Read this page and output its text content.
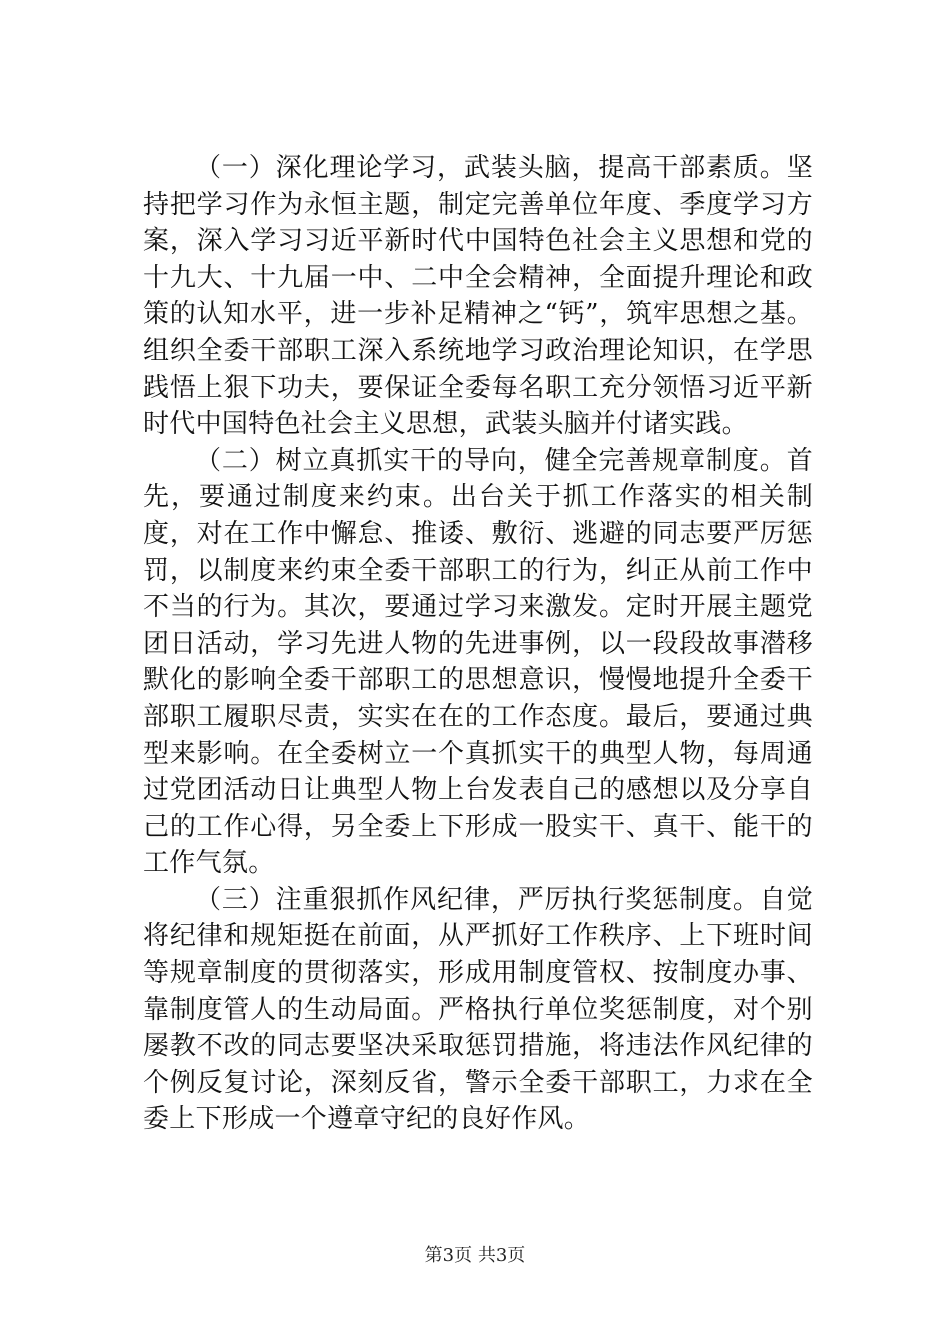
（一）深化理论学习，武装头脑，提高干部素质。坚持把学习作为永恒主题，制定完善单位年度、季度学习方案，深入学习习近平新时代中国特色社会主义思想和党的十九大、十九届一中、二中全会精神，全面提升理论和政策的认知水平，进一步补足精神之“钙”，筑牢思想之基。组织全委干部职工深入系统地学习政治理论知识，在学思践悟上狠下功夫，要保证全委每名职工充分领悟习近平新时代中国特色社会主义思想，武装头脑并付诸实践。

（二）树立真抓实干的导向，健全完善规章制度。首先，要通过制度来约束。出台关于抓工作落实的相关制度，对在工作中懈怠、推诿、敷衍、逃避的同志要严厉惩罚，以制度来约束全委干部职工的行为，纠正从前工作中不当的行为。其次，要通过学习来激发。定时开展主题党团日活动，学习先进人物的先进事例，以一段段故事潜移默化的影响全委干部职工的思想意识，慢慢地提升全委干部职工履职尽责，实实在在的工作态度。最后，要通过典型来影响。在全委树立一个真抓实干的典型人物，每周通过党团活动日让典型人物上台发表自己的感想以及分享自己的工作心得，另全委上下形成一股实干、真干、能干的工作气氛。

（三）注重狠抓作风纪律，严厉执行奖惩制度。自觉将纪律和规矩挺在前面，从严抓好工作秩序、上下班时间等规章制度的贯彻落实，形成用制度管权、按制度办事、靠制度管人的生动局面。严格执行单位奖惩制度，对个别屡教不改的同志要坚决采取惩罚措施，将违法作风纪律的个例反复讨论，深刻反省，警示全委干部职工，力求在全委上下形成一个遵章守纪的良好作风。

第3页 共3页
